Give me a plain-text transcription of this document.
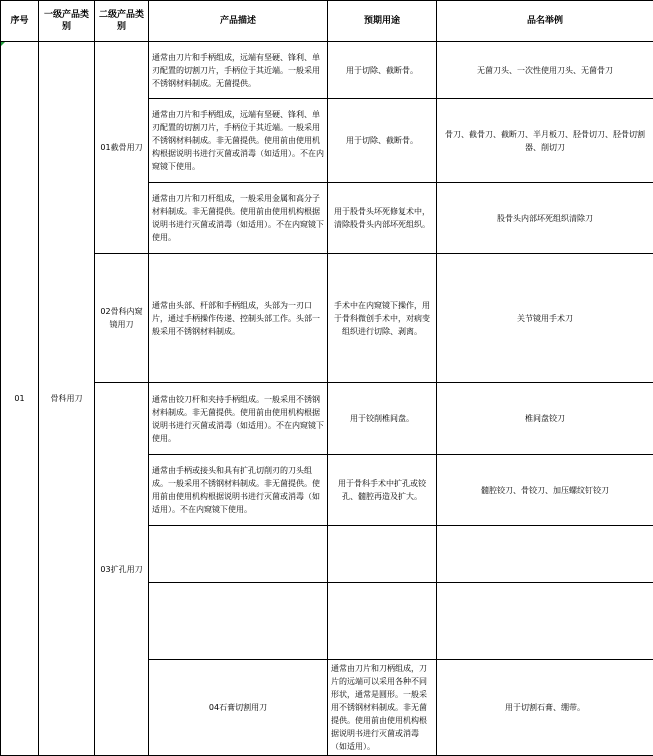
序号	一级产品类别	二级产品类别	产品描述	预期用途	品名举例	
01	骨科用刀	01截骨用刀	通常由刀片和手柄组成，远端有坚硬、锋利、单刃配置的切割刀片，手柄位于其近端。一般采用不锈钢材料制成。无菌提供。	用于切除、截断骨。	无菌刀头、一次性使用刀头、无菌骨刀	
			通常由刀片和手柄组成，远端有坚硬、锋利、单刃配置的切割刀片，手柄位于其近端。一般采用不锈钢材料制成。非无菌提供。使用前由使用机构根据说明书进行灭菌或消毒（如适用）。不在内窥镜下使用。	用于切除、截断骨。	骨刀、截骨刀、截断刀、半月板刀、胫骨切刀、胫骨切割器、削切刀	
			通常由刀片和刀杆组成，一般采用金属和高分子材料制成。非无菌提供。使用前由使用机构根据说明书进行灭菌或消毒（如适用）。不在内窥镜下使用。	用于股骨头坏死修复术中，清除股骨头内部坏死组织。	股骨头内部坏死组织清除刀	
		02骨科内窥镜用刀	通常由头部、杆部和手柄组成，头部为一刃口片，通过手柄操作传递、控制头部工作。头部一般采用不锈钢材料制成。	手术中在内窥镜下操作，用于骨科微创手术中，对病变组织进行切除、剥离。	关节镜用手术刀	
		03扩孔用刀	通常由铰刀杆和夹持手柄组成。一般采用不锈钢材料制成。非无菌提供。使用前由使用机构根据说明书进行灭菌或消毒（如适用）。不在内窥镜下使用。	用于铰削椎间盘。	椎间盘铰刀	
			通常由手柄或接头和具有扩孔切削刃的刀头组成。一般采用不锈钢材料制成。非无菌提供。使用前由使用机构根据说明书进行灭菌或消毒（如适用）。不在内窥镜下使用。	用于骨科手术中扩孔或铰孔、髓腔再造及扩大。	髓腔铰刀、骨铰刀、加压螺纹钉铰刀	

			04石膏切割用刀	通常由刀片和刀柄组成，刀片的远端可以采用各种不同形状，通常是圆形。一般采用不锈钢材料制成。非无菌提供。使用前由使用机构根据说明书进行灭菌或消毒（如适用）。	用于切割石膏、绷带。	
